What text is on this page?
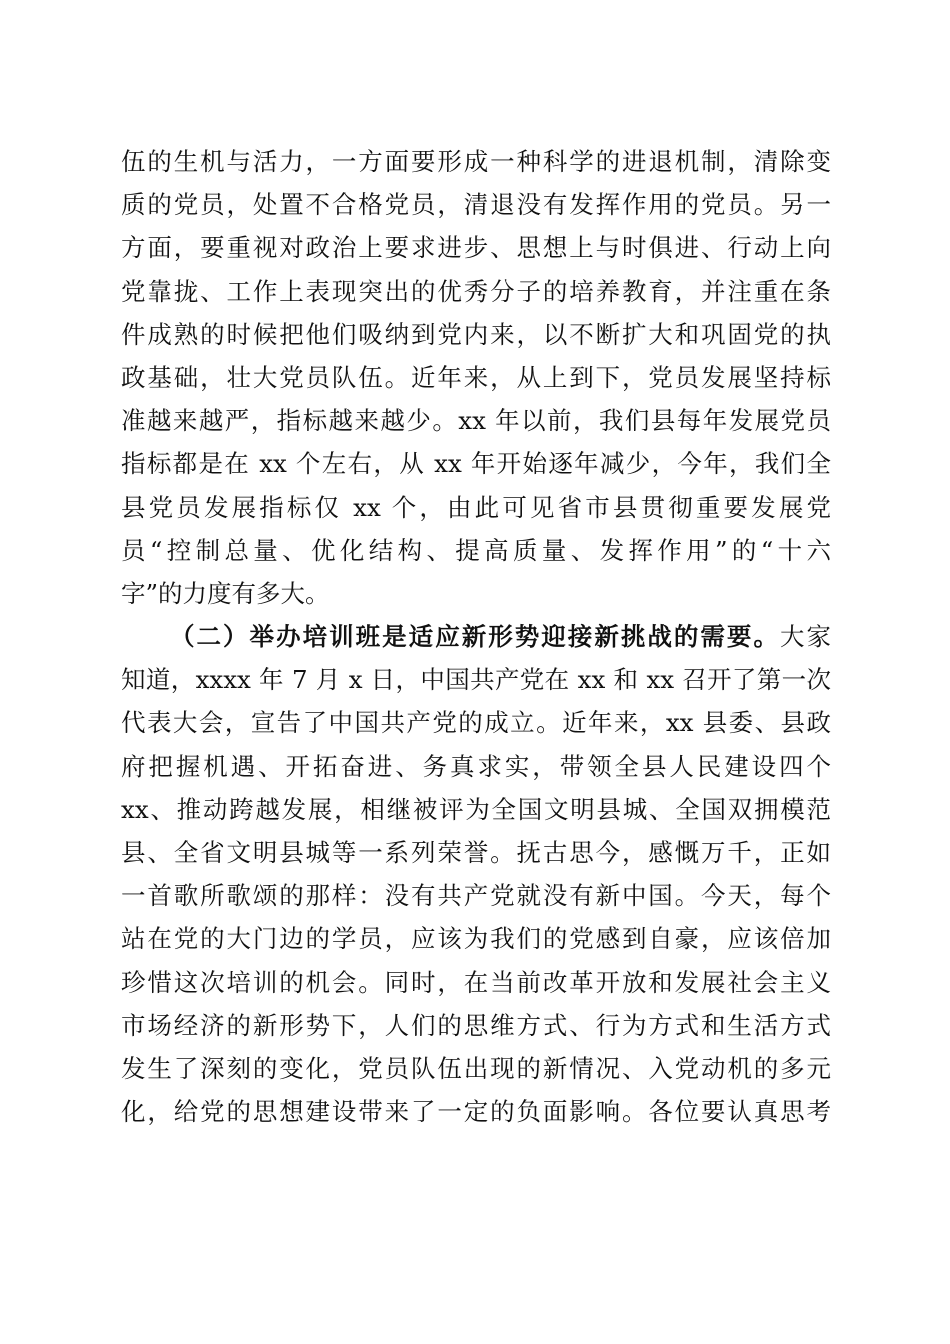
伍的生机与活力，一方面要形成一种科学的进退机制，清除变
质的党员，处置不合格党员，清退没有发挥作用的党员。另一
方面，要重视对政治上要求进步、思想上与时俱进、行动上向
党靠拢、工作上表现突出的优秀分子的培养教育，并注重在条
件成熟的时候把他们吸纳到党内来，以不断扩大和巩固党的执
政基础，壮大党员队伍。近年来，从上到下，党员发展坚持标
准越来越严，指标越来越少。xx 年以前，我们县每年发展党员
指标都是在 xx 个左右，从 xx 年开始逐年减少，今年，我们全
县党员发展指标仅 xx 个，由此可见省市县贯彻重要发展党
员“控制总量、优化结构、提高质量、发挥作用”的“十六
字”的力度有多大。
（二）举办培训班是适应新形势迎接新挑战的需要。大家
知道，xxxx 年 7 月 x 日，中国共产党在 xx 和 xx 召开了第一次
代表大会，宣告了中国共产党的成立。近年来，xx 县委、县政
府把握机遇、开拓奋进、务真求实，带领全县人民建设四个
xx、推动跨越发展，相继被评为全国文明县城、全国双拥模范
县、全省文明县城等一系列荣誉。抚古思今，感慨万千，正如
一首歌所歌颂的那样：没有共产党就没有新中国。今天，每个
站在党的大门边的学员，应该为我们的党感到自豪，应该倍加
珍惜这次培训的机会。同时，在当前改革开放和发展社会主义
市场经济的新形势下，人们的思维方式、行为方式和生活方式
发生了深刻的变化，党员队伍出现的新情况、入党动机的多元
化，给党的思想建设带来了一定的负面影响。各位要认真思考
